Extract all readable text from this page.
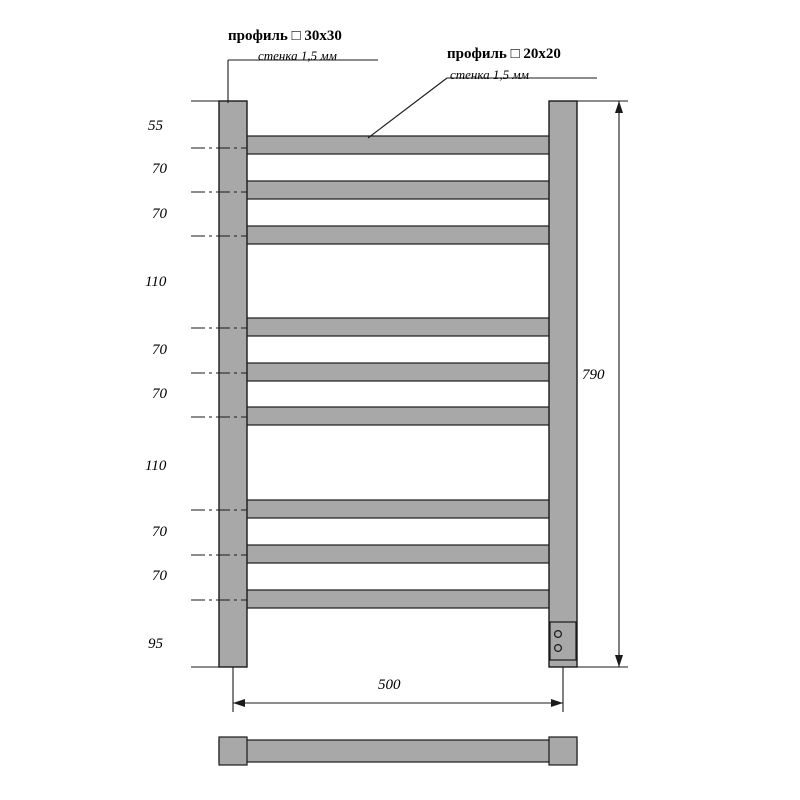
профиль □ 30x30
стенка 1,5 мм	профиль □ 20x20
стенка 1,5 мм
55
70
70
110
70
70
110
70
70
95
790
500
